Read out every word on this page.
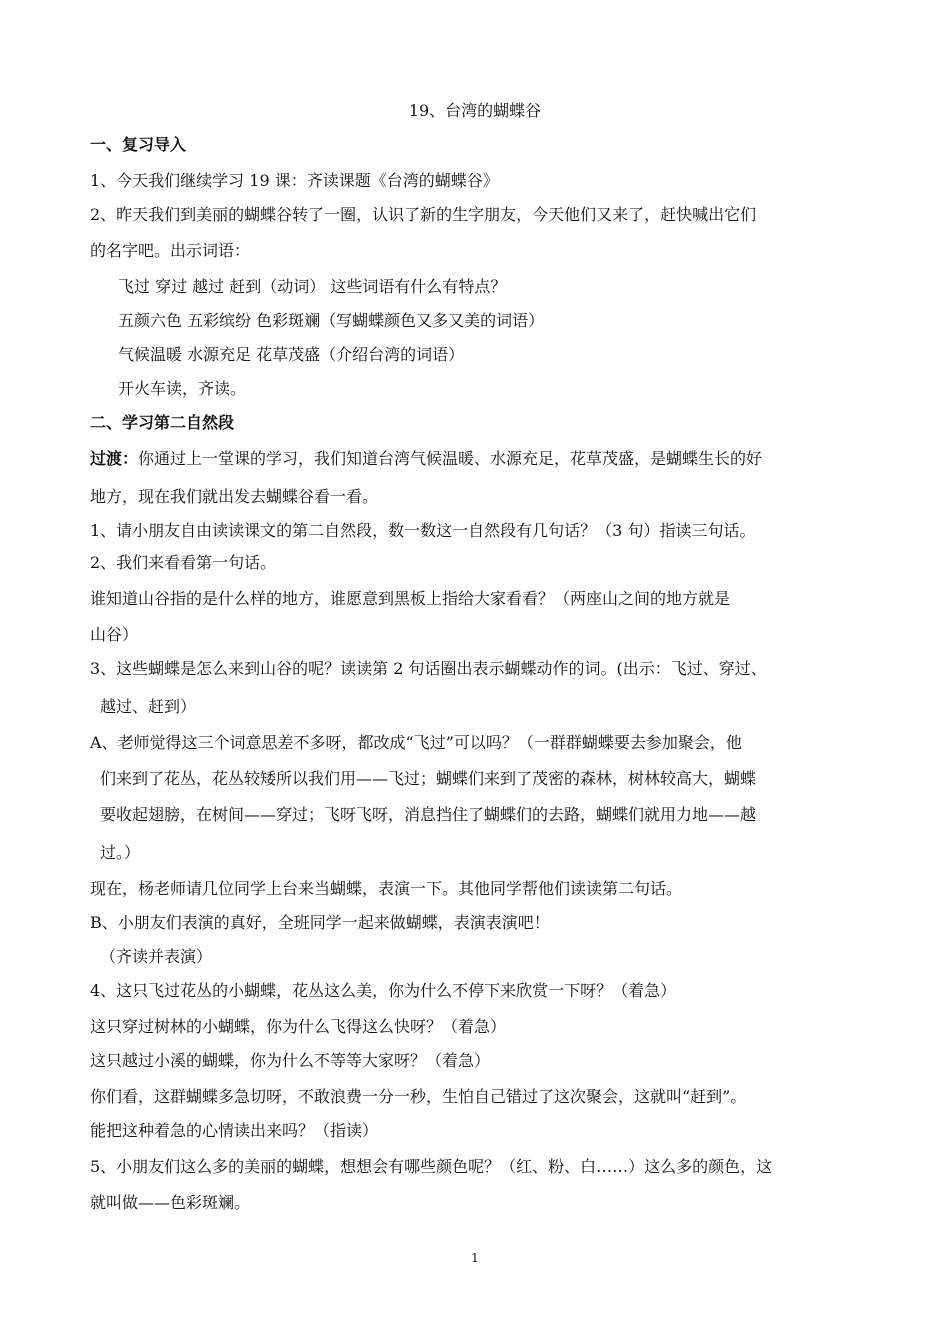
19、台湾的蝴蝶谷
一、复习导入
1、今天我们继续学习 19 课：齐读课题《台湾的蝴蝶谷》
2、昨天我们到美丽的蝴蝶谷转了一圈，认识了新的生字朋友，今天他们又来了，赶快喊出它们
的名字吧。出示词语：
飞过 穿过 越过 赶到（动词） 这些词语有什么有特点？
五颜六色 五彩缤纷 色彩斑斓（写蝴蝶颜色又多又美的词语）
气候温暖 水源充足 花草茂盛（介绍台湾的词语）
开火车读，齐读。
二、学习第二自然段
过渡：你通过上一堂课的学习，我们知道台湾气候温暖、水源充足，花草茂盛，是蝴蝶生长的好
地方，现在我们就出发去蝴蝶谷看一看。
1、请小朋友自由读读课文的第二自然段，数一数这一自然段有几句话？（3 句）指读三句话。
2、我们来看看第一句话。
谁知道山谷指的是什么样的地方，谁愿意到黑板上指给大家看看？（两座山之间的地方就是
山谷）
3、这些蝴蝶是怎么来到山谷的呢？读读第 2 句话圈出表示蝴蝶动作的词。(出示：飞过、穿过、
越过、赶到）
A、老师觉得这三个词意思差不多呀，都改成“飞过”可以吗？（一群群蝴蝶要去参加聚会，他
们来到了花丛，花丛较矮所以我们用——飞过；蝴蝶们来到了茂密的森林，树林较高大，蝴蝶
要收起翅膀，在树间——穿过；飞呀飞呀，消息挡住了蝴蝶们的去路，蝴蝶们就用力地——越
过。）
现在，杨老师请几位同学上台来当蝴蝶，表演一下。其他同学帮他们读读第二句话。
B、小朋友们表演的真好，全班同学一起来做蝴蝶，表演表演吧！
（齐读并表演）
4、这只飞过花丛的小蝴蝶，花丛这么美，你为什么不停下来欣赏一下呀？（着急）
这只穿过树林的小蝴蝶，你为什么飞得这么快呀？（着急）
这只越过小溪的蝴蝶，你为什么不等等大家呀？（着急）
你们看，这群蝴蝶多急切呀，不敢浪费一分一秒，生怕自己错过了这次聚会，这就叫“赶到”。
能把这种着急的心情读出来吗？（指读）
5、小朋友们这么多的美丽的蝴蝶，想想会有哪些颜色呢？（红、粉、白……）这么多的颜色，这
就叫做——色彩斑斓。
1
